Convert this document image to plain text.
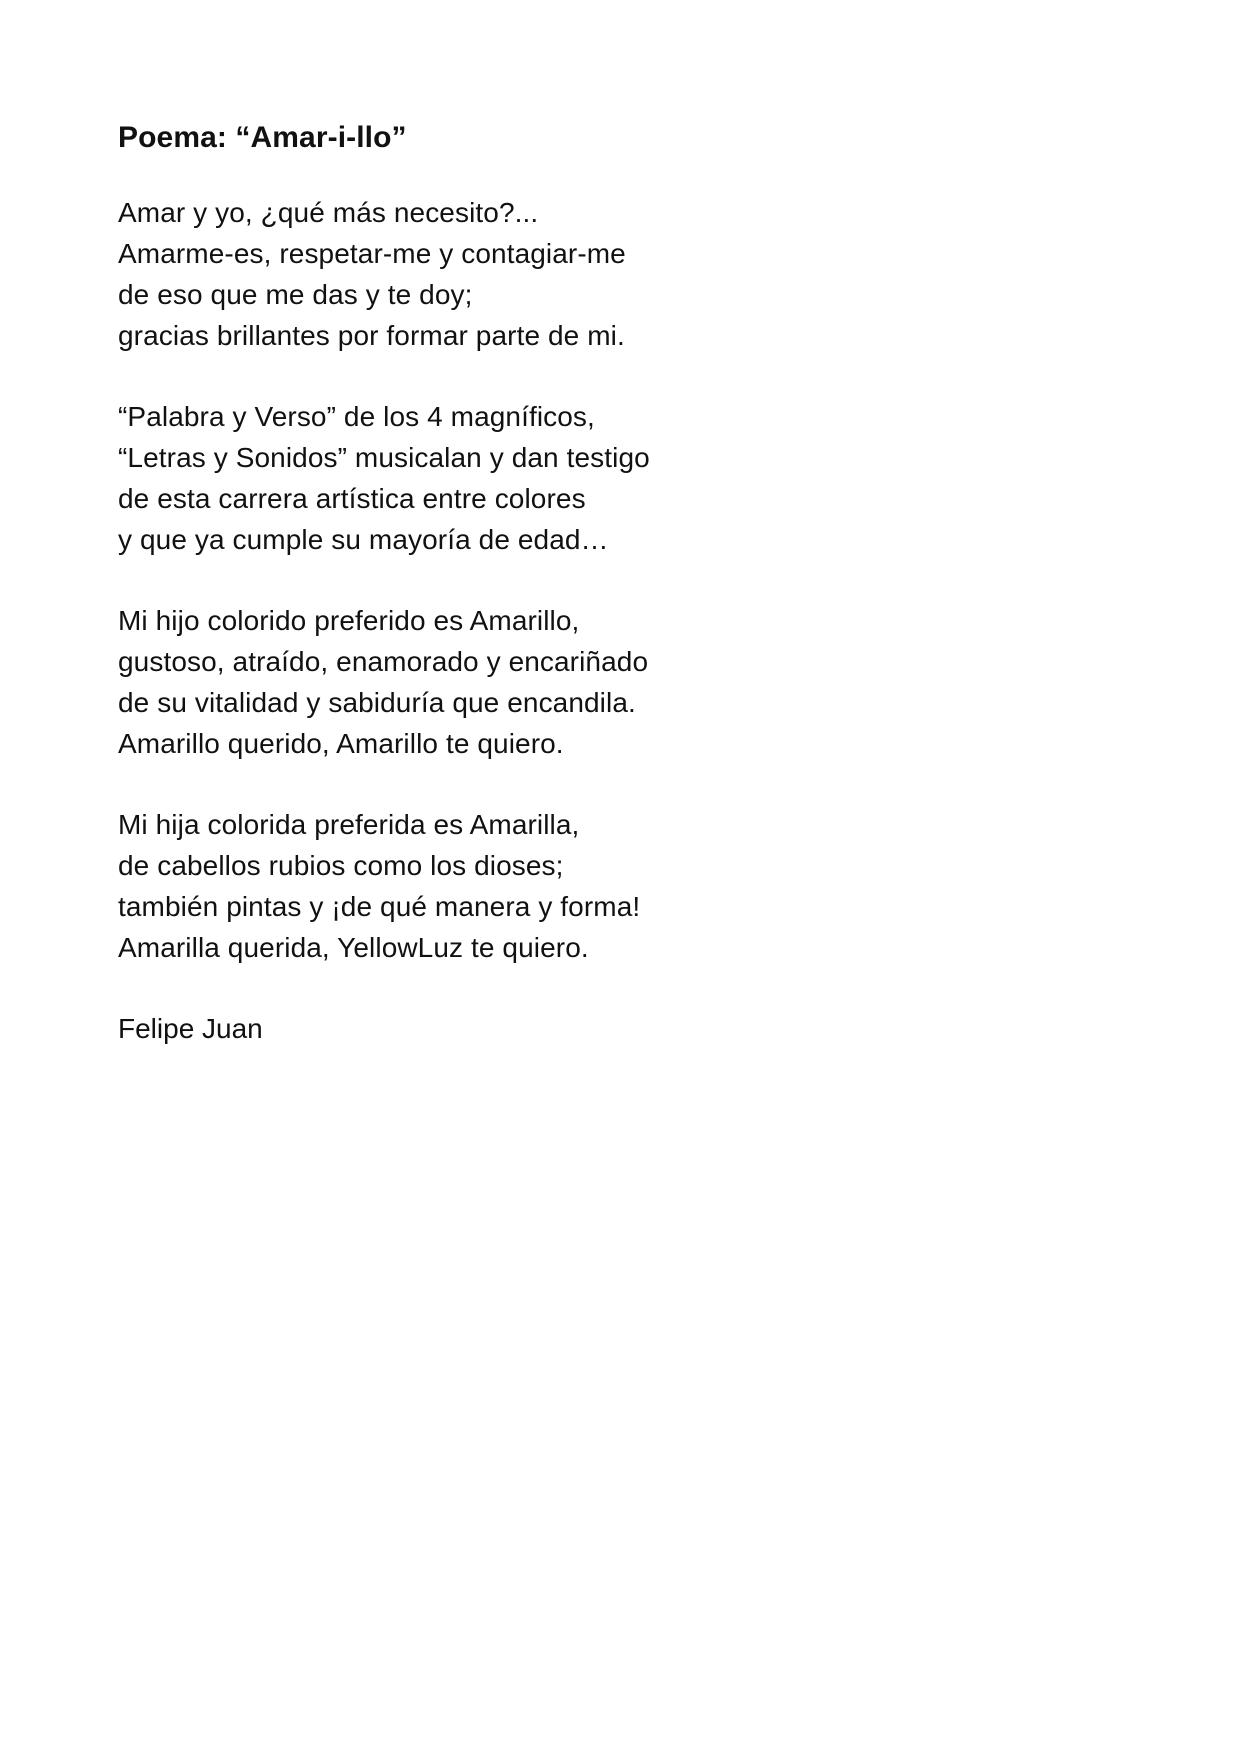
Poema: “Amar-i-llo”
Amar y yo, ¿qué más necesito?...
Amarme-es, respetar-me y contagiar-me
de eso que me das y te doy;
gracias brillantes por formar parte de mi.
“Palabra y Verso” de los 4 magníficos,
“Letras y Sonidos” musicalan y dan testigo
de esta carrera artística entre colores
y que ya cumple su mayoría de edad…
Mi hijo colorido preferido es Amarillo,
gustoso, atraído, enamorado y encariñado
de su vitalidad y sabiduría que encandila.
Amarillo querido, Amarillo te quiero.
Mi hija colorida preferida es Amarilla,
de cabellos rubios como los dioses;
también pintas y ¡de qué manera y forma!
Amarilla querida, YellowLuz te quiero.
Felipe Juan
